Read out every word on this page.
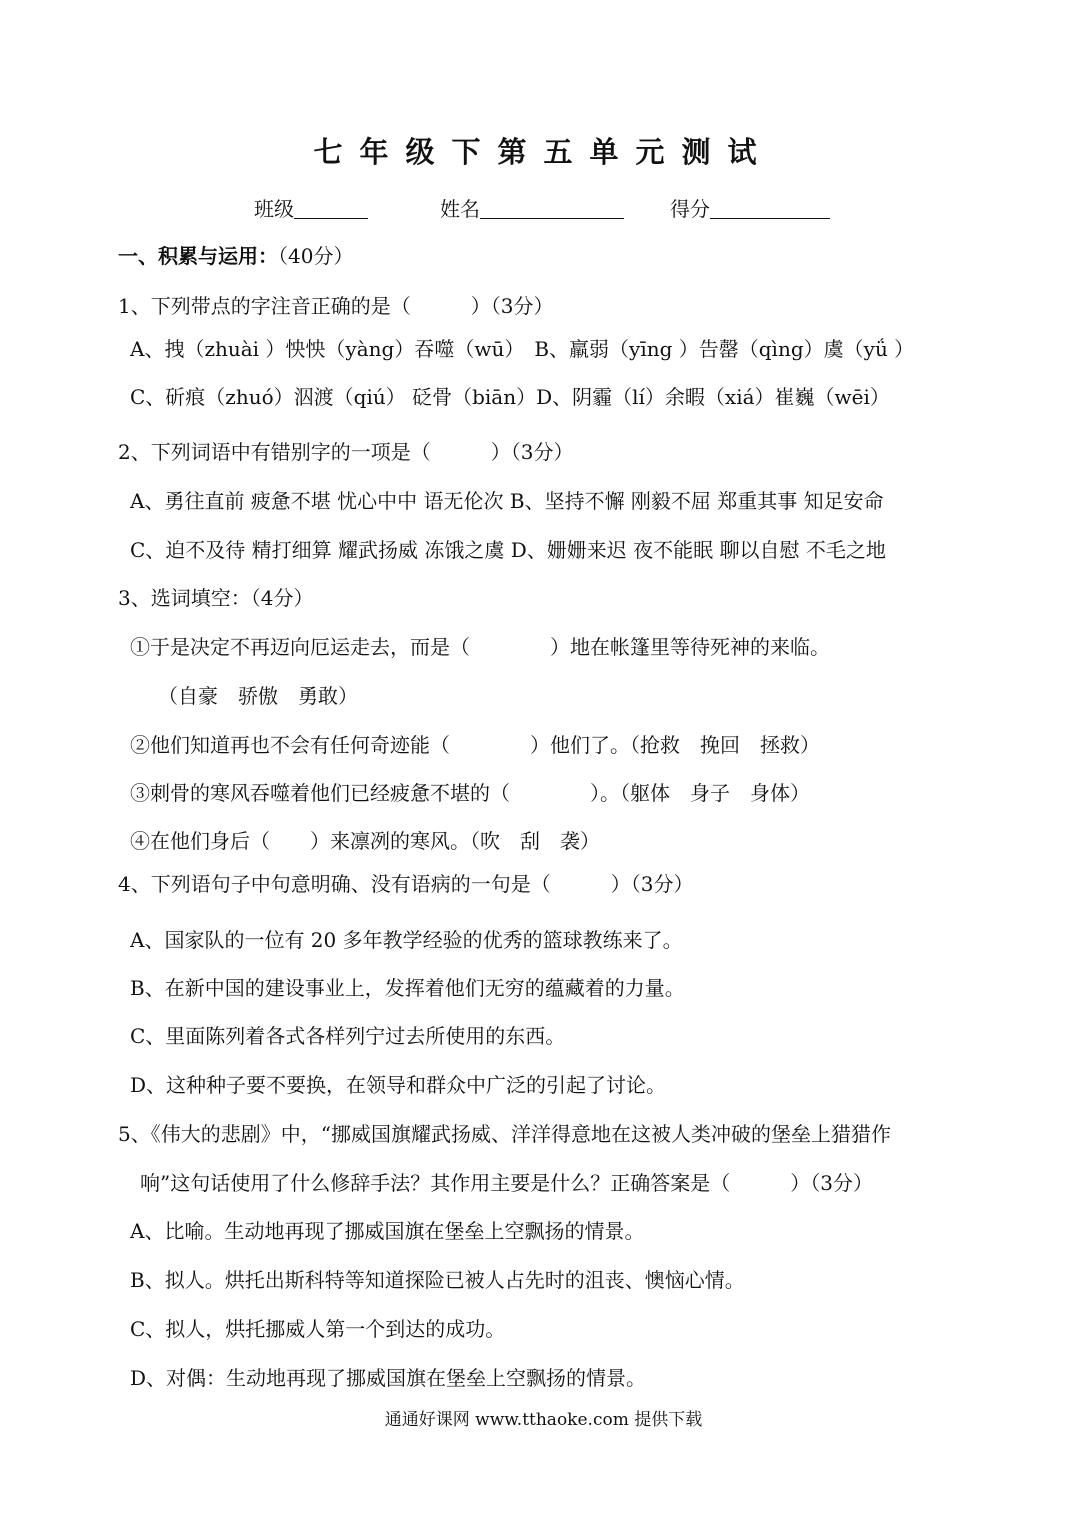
七年级下第五单元测试
班级	姓名	得分
一、积累与运用：（40分）
1、下列带点的字注音正确的是（　　　）（3分）
A、拽（zhuài ）怏怏（yàng）吞噬（wū）　B、羸弱（yīng ）告罄（qìng）虞（yǘ ）
C、斫痕（zhuó）泅渡（qiú） 砭骨（biān）D、阴霾（lí）余暇（xiá）崔巍（wēi）
2、下列词语中有错别字的一项是（　　　）（3分）
A、勇往直前 疲惫不堪 忧心中中 语无伦次 B、坚持不懈 刚毅不屈 郑重其事 知足安命
C、迫不及待 精打细算 耀武扬威 冻饿之虞 D、姗姗来迟 夜不能眠 聊以自慰 不毛之地
3、选词填空：（4分）
①于是决定不再迈向厄运走去，而是（　　　　）地在帐篷里等待死神的来临。
（自豪　骄傲　勇敢）
②他们知道再也不会有任何奇迹能（　　　　）他们了。（抢救　挽回　拯救）
③刺骨的寒风吞噬着他们已经疲惫不堪的（　　　　）。（躯体　身子　身体）
④在他们身后（　　）来凛冽的寒风。（吹　刮　袭）
4、下列语句子中句意明确、没有语病的一句是（　　　）（3分）
A、国家队的一位有 20 多年教学经验的优秀的篮球教练来了。
B、在新中国的建设事业上，发挥着他们无穷的蕴藏着的力量。
C、里面陈列着各式各样列宁过去所使用的东西。
D、这种种子要不要换，在领导和群众中广泛的引起了讨论。
5、《伟大的悲剧》中，“挪威国旗耀武扬威、洋洋得意地在这被人类冲破的堡垒上猎猎作
响”这句话使用了什么修辞手法？其作用主要是什么？正确答案是（　　　）（3分）
A、比喻。生动地再现了挪威国旗在堡垒上空飘扬的情景。
B、拟人。烘托出斯科特等知道探险已被人占先时的沮丧、懊恼心情。
C、拟人，烘托挪威人第一个到达的成功。
D、对偶：生动地再现了挪威国旗在堡垒上空飘扬的情景。
通通好课网 www.tthaoke.com 提供下载
